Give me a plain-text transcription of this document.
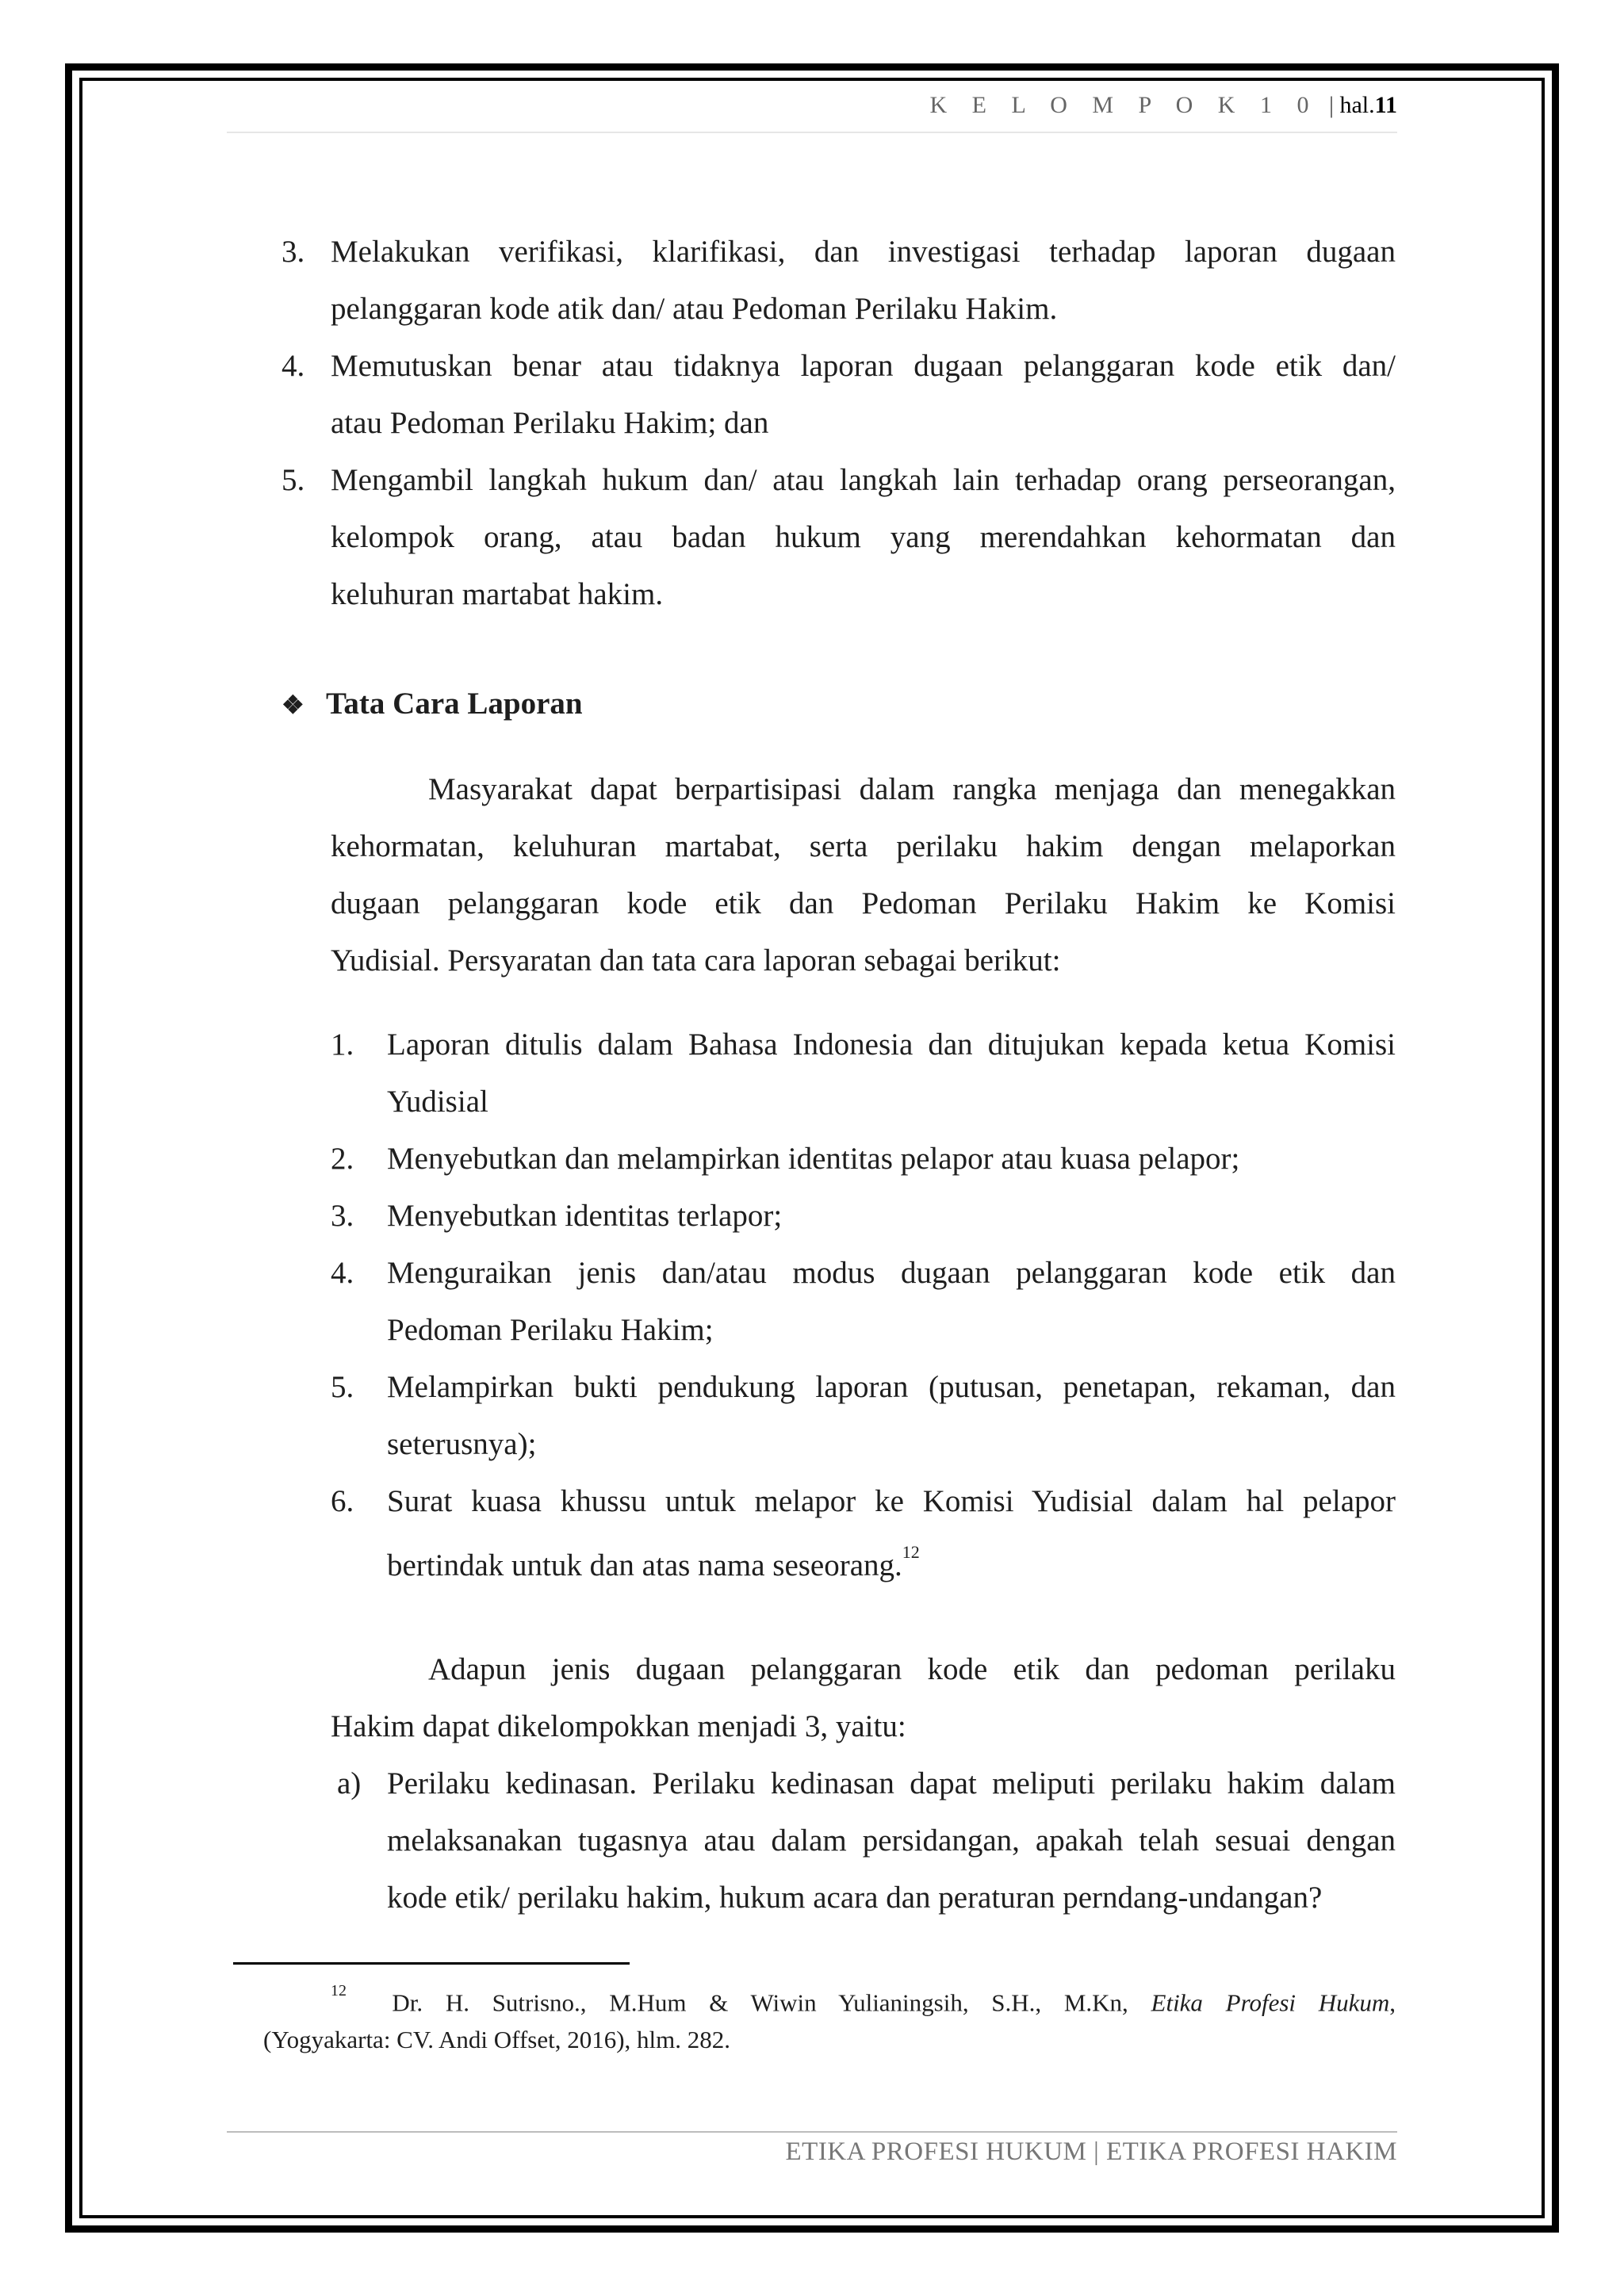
K E L O M P O K 1 0 | hal.11
3. Melakukan verifikasi, klarifikasi, dan investigasi terhadap laporan dugaan
pelanggaran kode atik dan/ atau Pedoman Perilaku Hakim.
4. Memutuskan benar atau tidaknya laporan dugaan pelanggaran kode etik dan/
atau Pedoman Perilaku Hakim; dan
5. Mengambil langkah hukum dan/ atau langkah lain terhadap orang perseorangan,
kelompok orang, atau badan hukum yang merendahkan kehormatan dan
keluhuran martabat hakim.
❖ Tata Cara Laporan
Masyarakat dapat berpartisipasi dalam rangka menjaga dan menegakkan
kehormatan, keluhuran martabat, serta perilaku hakim dengan melaporkan
dugaan pelanggaran kode etik dan Pedoman Perilaku Hakim ke Komisi
Yudisial. Persyaratan dan tata cara laporan sebagai berikut:
1. Laporan ditulis dalam Bahasa Indonesia dan ditujukan kepada ketua Komisi
Yudisial
2. Menyebutkan dan melampirkan identitas pelapor atau kuasa pelapor;
3. Menyebutkan identitas terlapor;
4. Menguraikan jenis dan/atau modus dugaan pelanggaran kode etik dan
Pedoman Perilaku Hakim;
5. Melampirkan bukti pendukung laporan (putusan, penetapan, rekaman, dan
seterusnya);
6. Surat kuasa khussu untuk melapor ke Komisi Yudisial dalam hal pelapor
bertindak untuk dan atas nama seseorang.$^{12}$
Adapun jenis dugaan pelanggaran kode etik dan pedoman perilaku
Hakim dapat dikelompokkan menjadi 3, yaitu:
a) Perilaku kedinasan. Perilaku kedinasan dapat meliputi perilaku hakim dalam
melaksanakan tugasnya atau dalam persidangan, apakah telah sesuai dengan
kode etik/ perilaku hakim, hukum acara dan peraturan perndang-undangan?
$^{12}$ Dr. H. Sutrisno., M.Hum & Wiwin Yulianingsih, S.H., M.Kn, Etika Profesi Hukum,
(Yogyakarta: CV. Andi Offset, 2016), hlm. 282.
ETIKA PROFESI HUKUM | ETIKA PROFESI HAKIM
